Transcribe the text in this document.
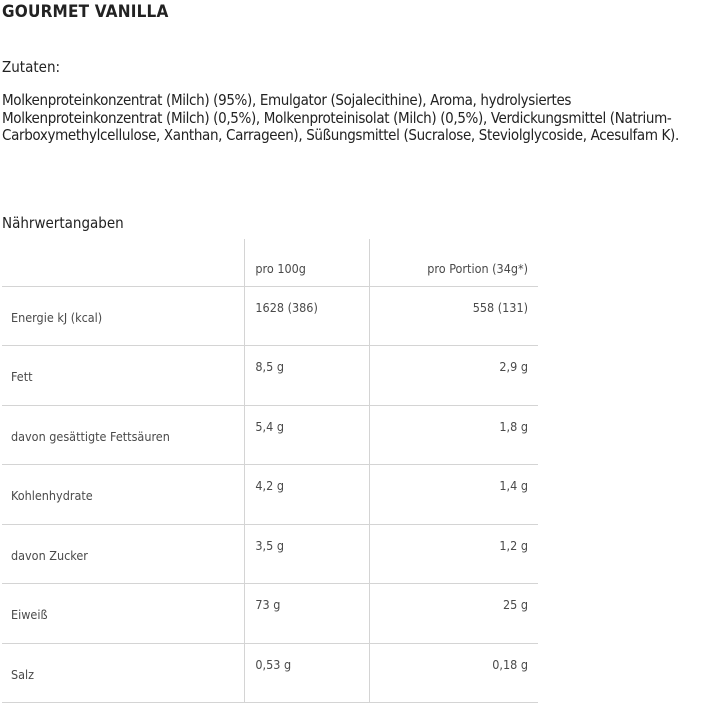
GOURMET VANILLA
Zutaten:
Molkenproteinkonzentrat (Milch) (95%), Emulgator (Sojalecithine), Aroma, hydrolysiertes Molkenproteinkonzentrat (Milch) (0,5%), Molkenproteinisolat (Milch) (0,5%), Verdickungsmittel (Natrium-Carboxymethylcellulose, Xanthan, Carrageen), Süßungsmittel (Sucralose, Steviolglycoside, Acesulfam K).
Nährwertangaben
	pro 100g	pro Portion (34g*)
Energie kJ (kcal)	1628 (386)	558 (131)
Fett	8,5 g	2,9 g
davon gesättigte Fettsäuren	5,4 g	1,8 g
Kohlenhydrate	4,2 g	1,4 g
davon Zucker	3,5 g	1,2 g
Eiweiß	73 g	25 g
Salz	0,53 g	0,18 g
